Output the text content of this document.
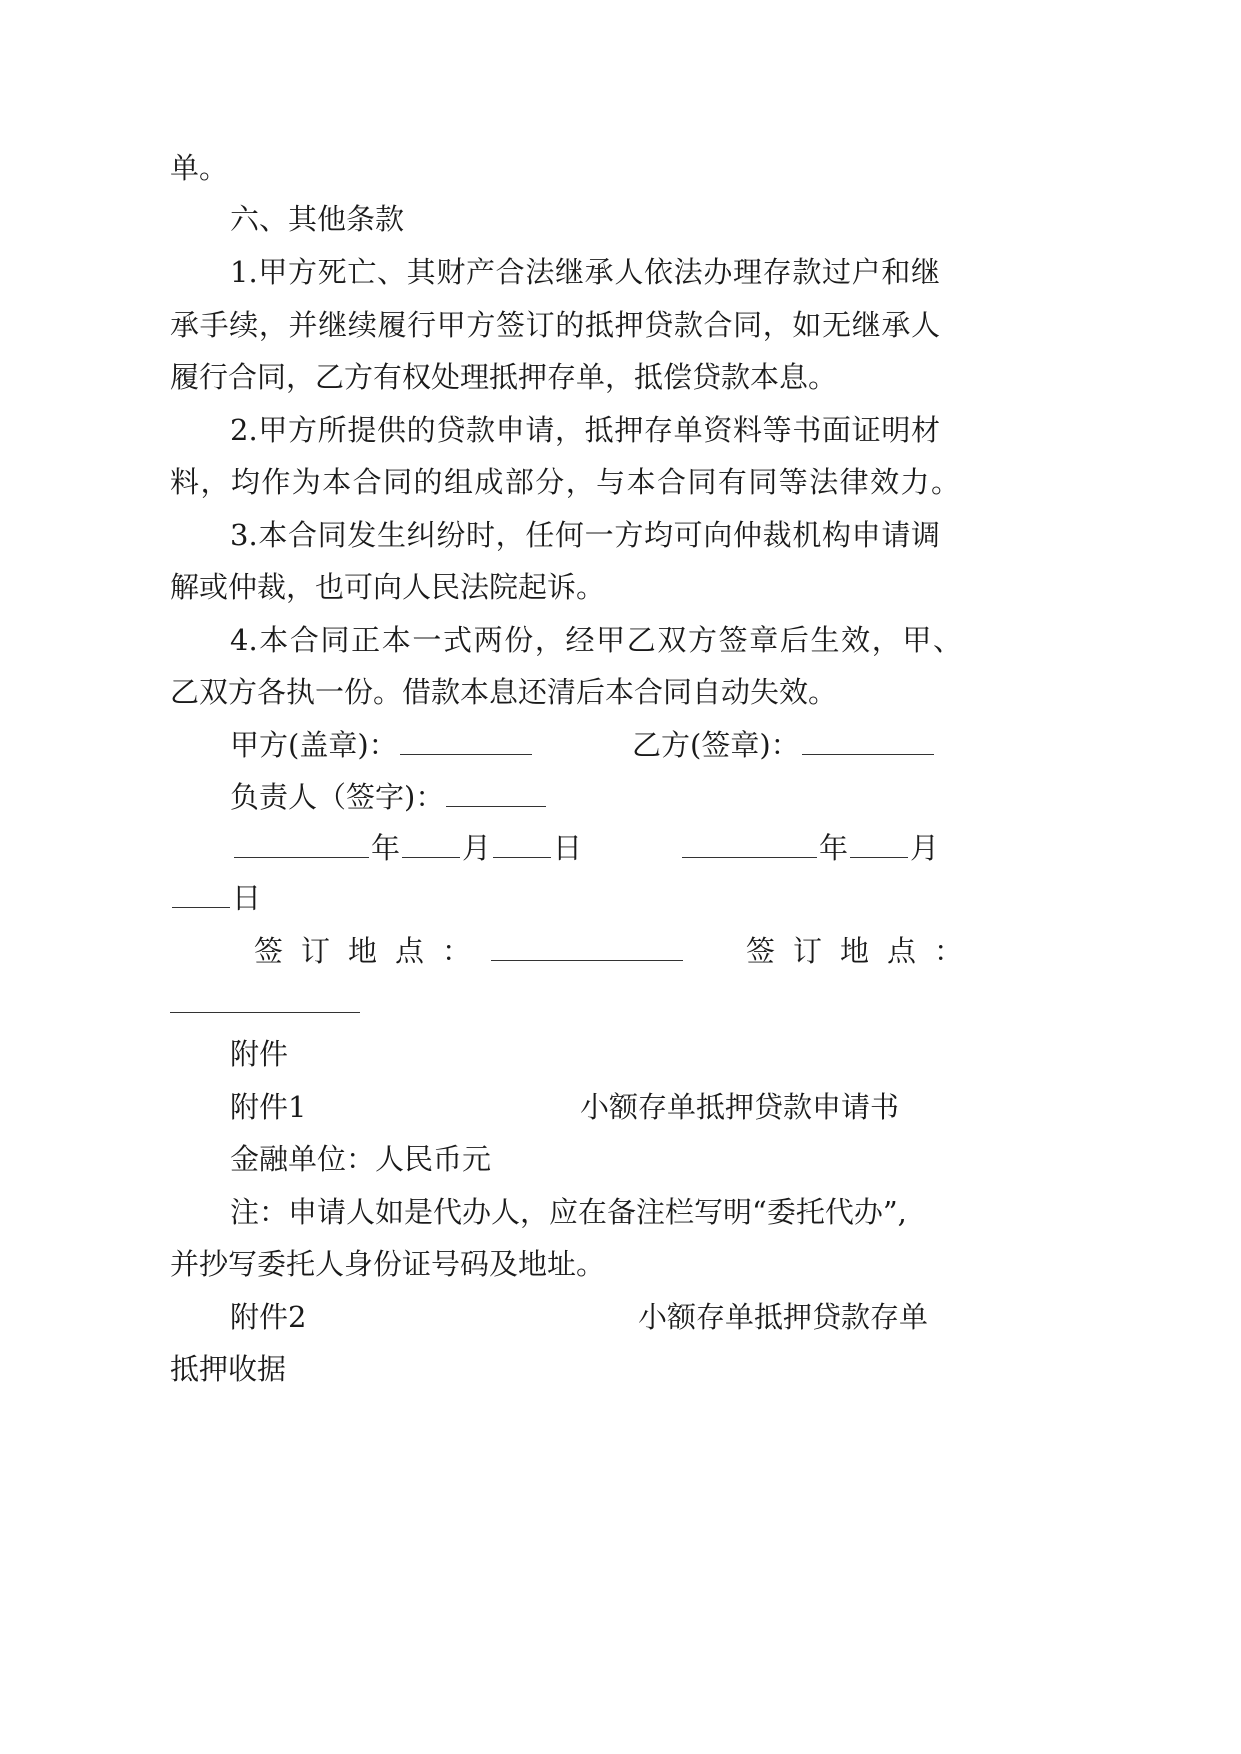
单。
六、其他条款
1.甲方死亡、其财产合法继承人依法办理存款过户和继
承手续，并继续履行甲方签订的抵押贷款合同，如无继承人
履行合同，乙方有权处理抵押存单，抵偿贷款本息。
2.甲方所提供的贷款申请，抵押存单资料等书面证明材
料，均作为本合同的组成部分，与本合同有同等法律效力。
3.本合同发生纠纷时，任何一方均可向仲裁机构申请调
解或仲裁，也可向人民法院起诉。
4.本合同正本一式两份，经甲乙双方签章后生效，甲、
乙双方各执一份。借款本息还清后本合同自动失效。
甲方(盖章)：	乙方(签章)：
负责人（签字)：
年 月 日	年 月
日
签订地点：	签订地点：
附件
附件1	小额存单抵押贷款申请书
金融单位：人民币元
注：申请人如是代办人，应在备注栏写明“委托代办”,
并抄写委托人身份证号码及地址。
附件2	小额存单抵押贷款存单
抵押收据
